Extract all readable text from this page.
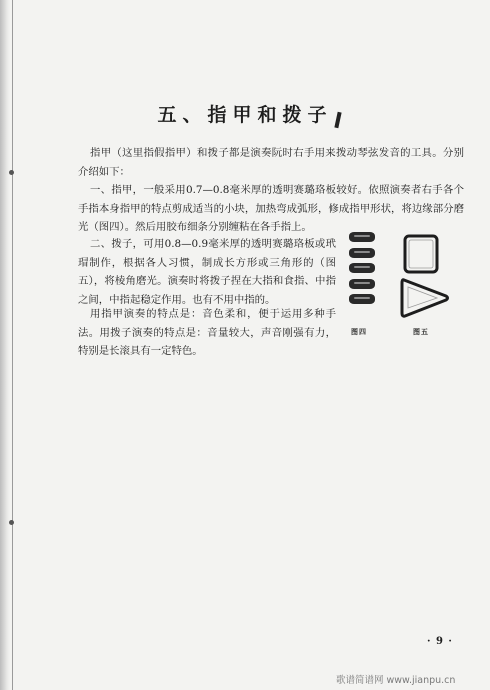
五、指甲和拨子

指甲（这里指假指甲）和拨子都是演奏阮时右手用来拨动琴弦发音的工具。分别介绍如下：

一、指甲，一般采用0.7—0.8毫米厚的透明赛璐珞板较好。依照演奏者右手各个手指本身指甲的特点剪成适当的小块，加热弯成弧形，修成指甲形状，将边缘部分磨光（图四）。然后用胶布细条分别缠粘在各手指上。

二、拨子，可用0.8—0.9毫米厚的透明赛璐珞板或玳瑁制作，根据各人习惯，制成长方形或三角形的（图五），将棱角磨光。演奏时将拨子捏在大指和食指、中指之间，中指起稳定作用。也有不用中指的。

用指甲演奏的特点是：音色柔和，便于运用多种手法。用拨子演奏的特点是：音量较大，声音刚强有力，特别是长滚具有一定特色。

图四	图五
· 9 ·
歌谱简谱网 www.jianpu.cn
